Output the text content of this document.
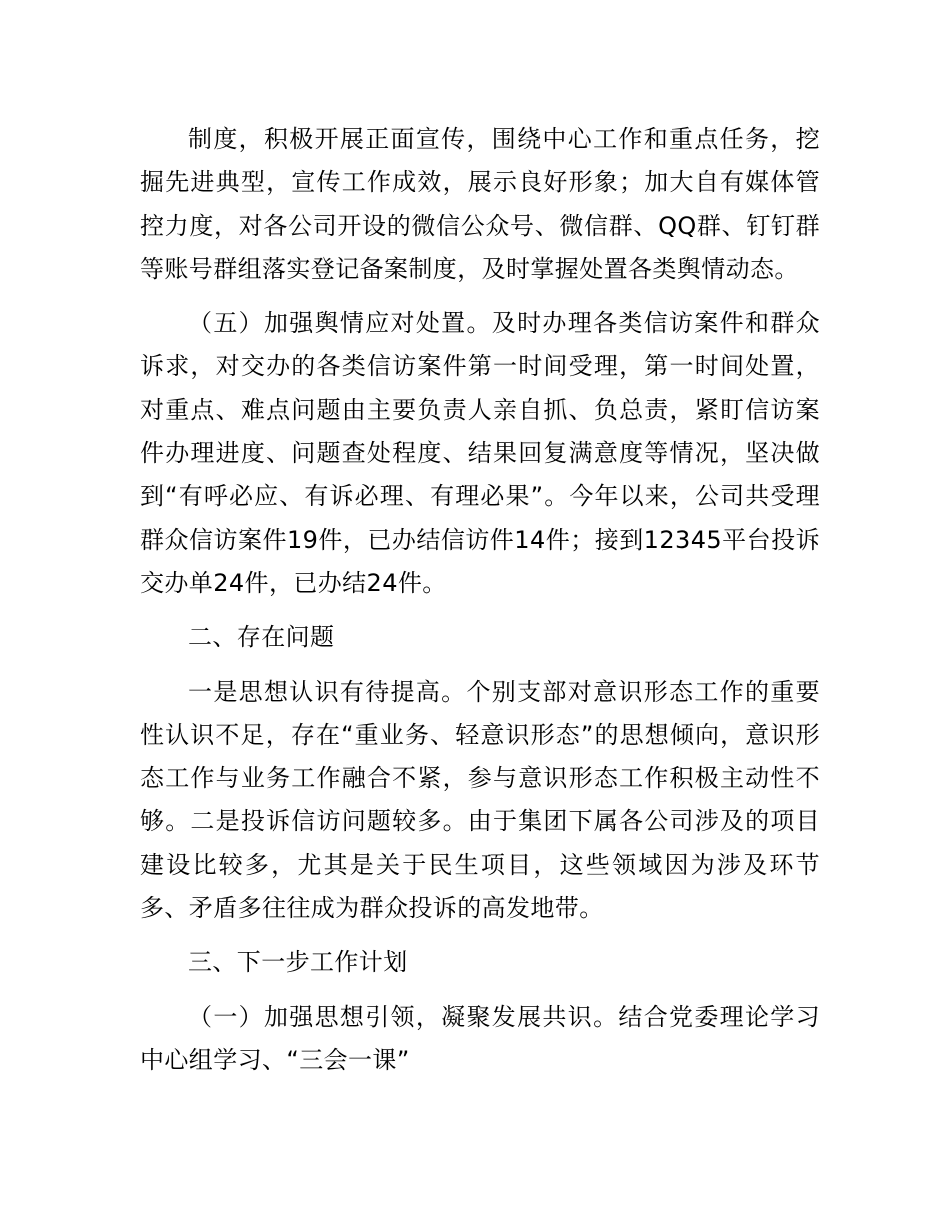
制度，积极开展正面宣传，围绕中心工作和重点任务，挖掘先进典型，宣传工作成效，展示良好形象；加大自有媒体管控力度，对各公司开设的微信公众号、微信群、QQ群、钉钉群等账号群组落实登记备案制度，及时掌握处置各类舆情动态。

（五）加强舆情应对处置。及时办理各类信访案件和群众诉求，对交办的各类信访案件第一时间受理，第一时间处置，对重点、难点问题由主要负责人亲自抓、负总责，紧盯信访案件办理进度、问题查处程度、结果回复满意度等情况，坚决做到“有呼必应、有诉必理、有理必果”。今年以来，公司共受理群众信访案件19件，已办结信访件14件；接到12345平台投诉交办单24件，已办结24件。

二、存在问题

一是思想认识有待提高。个别支部对意识形态工作的重要性认识不足，存在“重业务、轻意识形态”的思想倾向，意识形态工作与业务工作融合不紧，参与意识形态工作积极主动性不够。二是投诉信访问题较多。由于集团下属各公司涉及的项目建设比较多，尤其是关于民生项目，这些领域因为涉及环节多、矛盾多往往成为群众投诉的高发地带。

三、下一步工作计划

（一）加强思想引领，凝聚发展共识。结合党委理论学习中心组学习、“三会一课”
